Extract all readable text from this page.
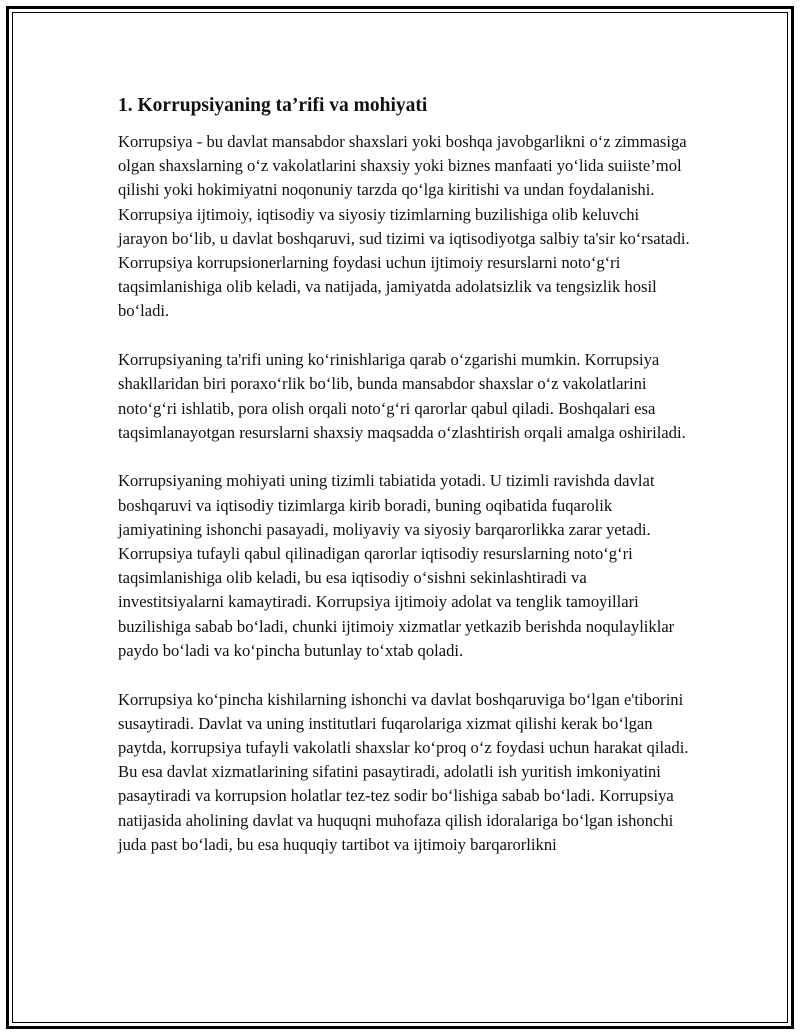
1. Korrupsiyaning ta’rifi va mohiyati

Korrupsiya - bu davlat mansabdor shaxslari yoki boshqa javobgarlikni o‘z zimmasiga olgan shaxslarning o‘z vakolatlarini shaxsiy yoki biznes manfaati yo‘lida suiiste’mol qilishi yoki hokimiyatni noqonuniy tarzda qo‘lga kiritishi va undan foydalanishi. Korrupsiya ijtimoiy, iqtisodiy va siyosiy tizimlarning buzilishiga olib keluvchi jarayon bo‘lib, u davlat boshqaruvi, sud tizimi va iqtisodiyotga salbiy ta'sir ko‘rsatadi. Korrupsiya korrupsionerlarning foydasi uchun ijtimoiy resurslarni noto‘g‘ri taqsimlanishiga olib keladi, va natijada, jamiyatda adolatsizlik va tengsizlik hosil bo‘ladi.

Korrupsiyaning ta'rifi uning ko‘rinishlariga qarab o‘zgarishi mumkin. Korrupsiya shakllaridan biri poraxo‘rlik bo‘lib, bunda mansabdor shaxslar o‘z vakolatlarini noto‘g‘ri ishlatib, pora olish orqali noto‘g‘ri qarorlar qabul qiladi. Boshqalari esa taqsimlanayotgan resurslarni shaxsiy maqsadda o‘zlashtirish orqali amalga oshiriladi.

Korrupsiyaning mohiyati uning tizimli tabiatida yotadi. U tizimli ravishda davlat boshqaruvi va iqtisodiy tizimlarga kirib boradi, buning oqibatida fuqarolik jamiyatining ishonchi pasayadi, moliyaviy va siyosiy barqarorlikka zarar yetadi. Korrupsiya tufayli qabul qilinadigan qarorlar iqtisodiy resurslarning noto‘g‘ri taqsimlanishiga olib keladi, bu esa iqtisodiy o‘sishni sekinlashtiradi va investitsiyalarni kamaytiradi. Korrupsiya ijtimoiy adolat va tenglik tamoyillari buzilishiga sabab bo‘ladi, chunki ijtimoiy xizmatlar yetkazib berishda noqulayliklar paydo bo‘ladi va ko‘pincha butunlay to‘xtab qoladi.

Korrupsiya ko‘pincha kishilarning ishonchi va davlat boshqaruviga bo‘lgan e'tiborini susaytiradi. Davlat va uning institutlari fuqarolariga xizmat qilishi kerak bo‘lgan paytda, korrupsiya tufayli vakolatli shaxslar ko‘proq o‘z foydasi uchun harakat qiladi. Bu esa davlat xizmatlarining sifatini pasaytiradi, adolatli ish yuritish imkoniyatini pasaytiradi va korrupsion holatlar tez-tez sodir bo‘lishiga sabab bo‘ladi. Korrupsiya natijasida aholining davlat va huquqni muhofaza qilish idoralariga bo‘lgan ishonchi juda past bo‘ladi, bu esa huquqiy tartibot va ijtimoiy barqarorlikni
